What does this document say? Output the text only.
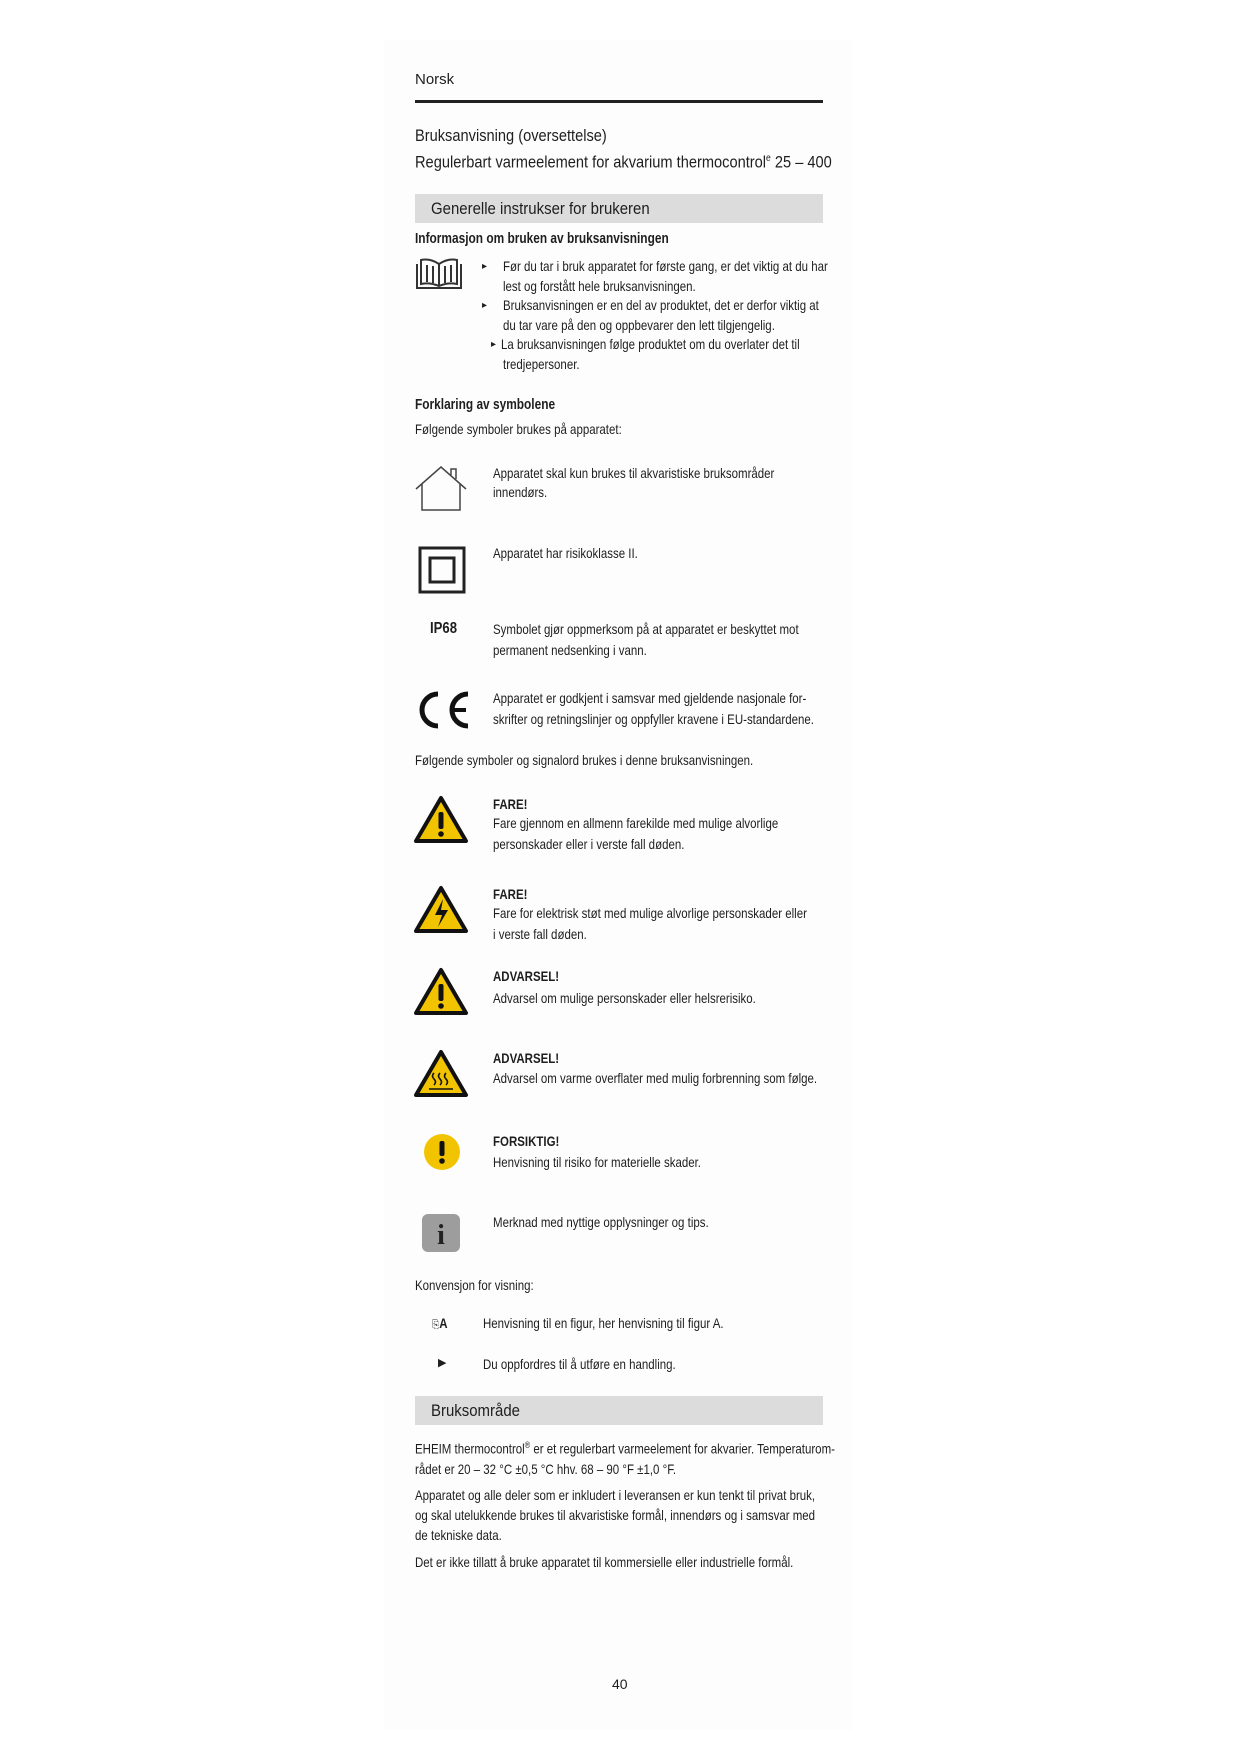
Norsk
Bruksanvisning (oversettelse)
Regulerbart varmeelement for akvarium thermocontrol$^e$ 25 – 400
Generelle instrukser for brukeren
Informasjon om bruken av bruksanvisningen
▸ Før du tar i bruk apparatet for første gang, er det viktig at du har
lest og forstått hele bruksanvisningen.
▸ Bruksanvisningen er en del av produktet, det er derfor viktig at
du tar vare på den og oppbevarer den lett tilgjengelig.
▸ La bruksanvisningen følge produktet om du overlater det til
tredjepersoner.
Forklaring av symbolene
Følgende symboler brukes på apparatet:
Apparatet skal kun brukes til akvaristiske bruksområder
innendørs.
Apparatet har risikoklasse II.
IP68	Symbolet gjør oppmerksom på at apparatet er beskyttet mot
permanent nedsenking i vann.
Apparatet er godkjent i samsvar med gjeldende nasjonale for-
skrifter og retningslinjer og oppfyller kravene i EU-standardene.
Følgende symboler og signalord brukes i denne bruksanvisningen.
FARE!
Fare gjennom en allmenn farekilde med mulige alvorlige
personskader eller i verste fall døden.
FARE!
Fare for elektrisk støt med mulige alvorlige personskader eller
i verste fall døden.
ADVARSEL!
Advarsel om mulige personskader eller helsrerisiko.
ADVARSEL!
Advarsel om varme overflater med mulig forbrenning som følge.
FORSIKTIG!
Henvisning til risiko for materielle skader.
i	Merknad med nyttige opplysninger og tips.
Konvensjon for visning:
⎘A	Henvisning til en figur, her henvisning til figur A.
▶	Du oppfordres til å utføre en handling.
Bruksområde
EHEIM thermocontrol® er et regulerbart varmeelement for akvarier. Temperaturom-
rådet er 20 – 32 °C ±0,5 °C hhv. 68 – 90 °F ±1,0 °F.
Apparatet og alle deler som er inkludert i leveransen er kun tenkt til privat bruk,
og skal utelukkende brukes til akvaristiske formål, innendørs og i samsvar med
de tekniske data.
Det er ikke tillatt å bruke apparatet til kommersielle eller industrielle formål.
40
